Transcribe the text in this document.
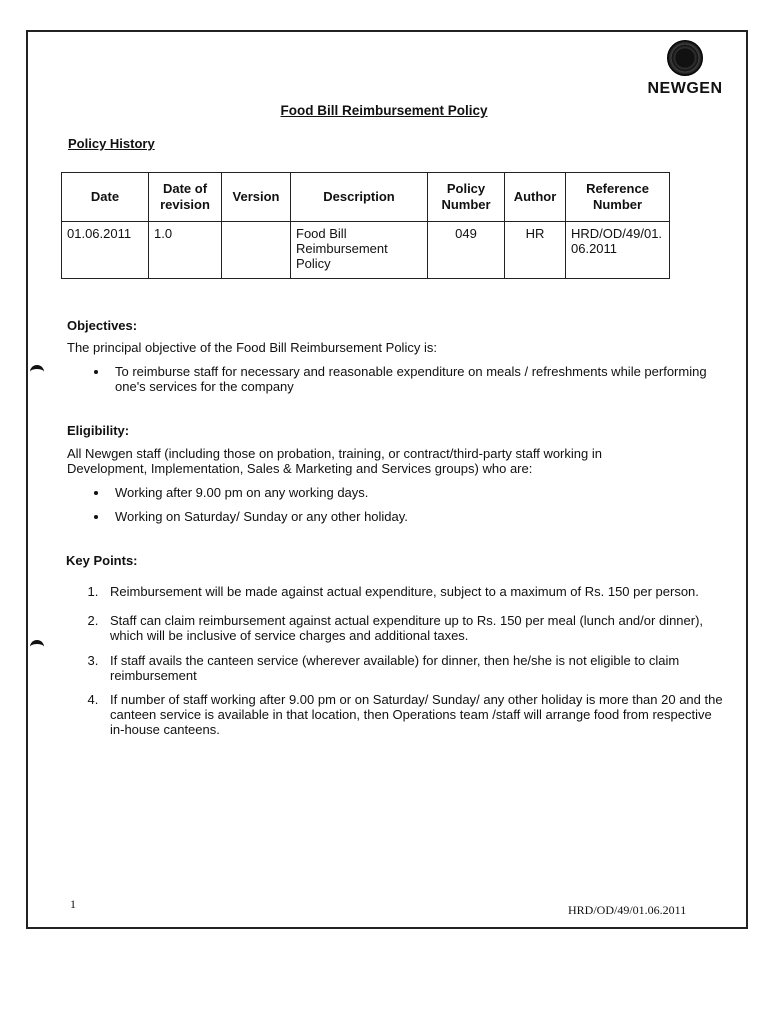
NEWGEN
Food Bill Reimbursement Policy
Policy History
Date	Date of revision	Version	Description	Policy Number	Author	Reference Number
01.06.2011	1.0		Food Bill Reimbursement Policy	049	HR	HRD/OD/49/01.06.2011
Objectives:
The principal objective of the Food Bill Reimbursement Policy is:
• To reimburse staff for necessary and reasonable expenditure on meals / refreshments while performing one's services for the company
Eligibility:
All Newgen staff (including those on probation, training, or contract/third-party staff working in Development, Implementation, Sales & Marketing and Services groups) who are:
• Working after 9.00 pm on any working days.
• Working on Saturday/ Sunday or any other holiday.
Key Points:
1. Reimbursement will be made against actual expenditure, subject to a maximum of Rs. 150 per person.
2. Staff can claim reimbursement against actual expenditure up to Rs. 150 per meal (lunch and/or dinner), which will be inclusive of service charges and additional taxes.
3. If staff avails the canteen service (wherever available) for dinner, then he/she is not eligible to claim reimbursement
4. If number of staff working after 9.00 pm or on Saturday/ Sunday/ any other holiday is more than 20 and the canteen service is available in that location, then Operations team /staff will arrange food from respective in-house canteens.
1	HRD/OD/49/01.06.2011
